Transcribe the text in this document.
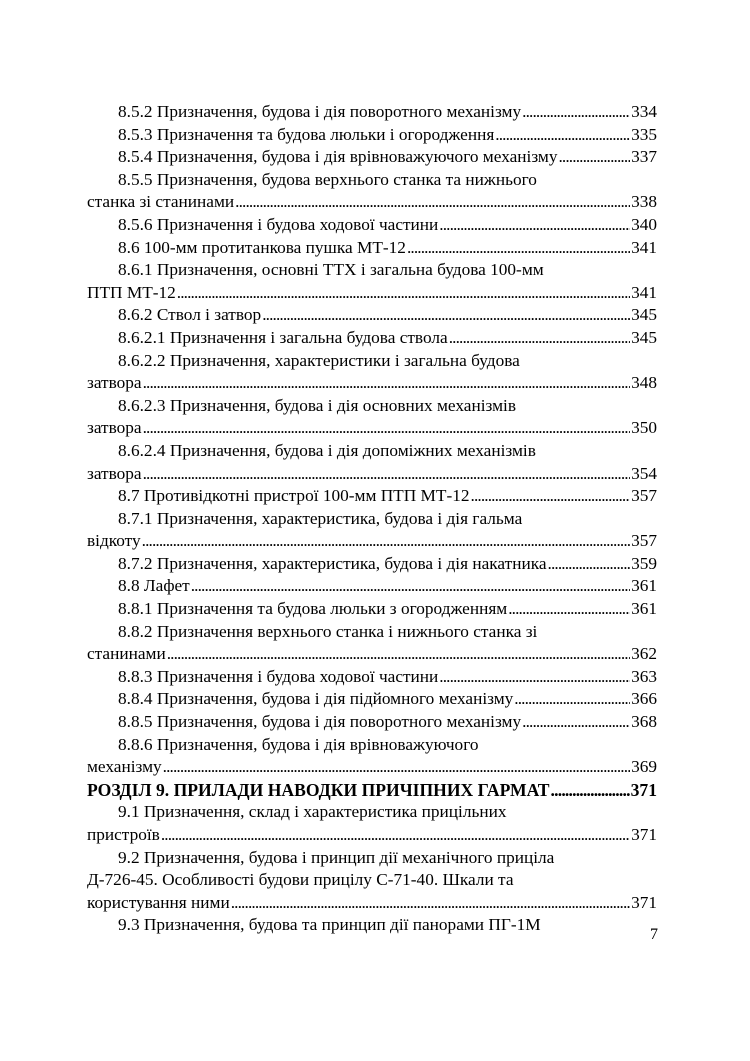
8.5.2 Призначення, будова і дія поворотного механізму . . .	334
8.5.3 Призначення та будова люльки і огородження . . .	335
8.5.4 Призначення, будова і дія врівноважуючого механізму . . .	337
8.5.5 Призначення, будова верхнього станка та нижнього
станка зі станинами . . .	338
8.5.6 Призначення і будова ходової частини . . .	340
8.6 100-мм протитанкова пушка МТ-12 . . .	341
8.6.1 Призначення, основні ТТХ і загальна будова 100-мм
ПТП МТ-12 . . .	341
8.6.2 Ствол і затвор . . .	345
8.6.2.1 Призначення і загальна будова ствола . . .	345
8.6.2.2 Призначення, характеристики і загальна будова
затвора . . .	348
8.6.2.3 Призначення, будова і дія основних механізмів
затвора . . .	350
8.6.2.4 Призначення, будова і дія допоміжних механізмів
затвора . . .	354
8.7 Противідкотні пристрої 100-мм ПТП МТ-12 . . .	357
8.7.1 Призначення, характеристика, будова і дія гальма
відкоту . . .	357
8.7.2 Призначення, характеристика, будова і дія накатника . . .	359
8.8 Лафет . . .	361
8.8.1 Призначення та будова люльки з огородженням . . .	361
8.8.2 Призначення верхнього станка і нижнього станка зі
станинами . . .	362
8.8.3 Призначення і будова ходової частини . . .	363
8.8.4 Призначення, будова і дія підйомного механізму . . .	366
8.8.5 Призначення, будова і дія поворотного механізму . . .	368
8.8.6 Призначення, будова і дія врівноважуючого
механізму . . .	369
РОЗДІЛ 9. ПРИЛАДИ НАВОДКИ ПРИЧІПНИХ ГАРМАТ . . .	371
9.1 Призначення, склад і характеристика прицільних
пристроїв . . .	371
9.2 Призначення, будова і принцип дії механічного прицілa
Д-726-45. Особливості будови прицілу С-71-40. Шкали та
користування ними . . .	371
9.3 Призначення, будова та принцип дії панорами ПГ-1М
7
